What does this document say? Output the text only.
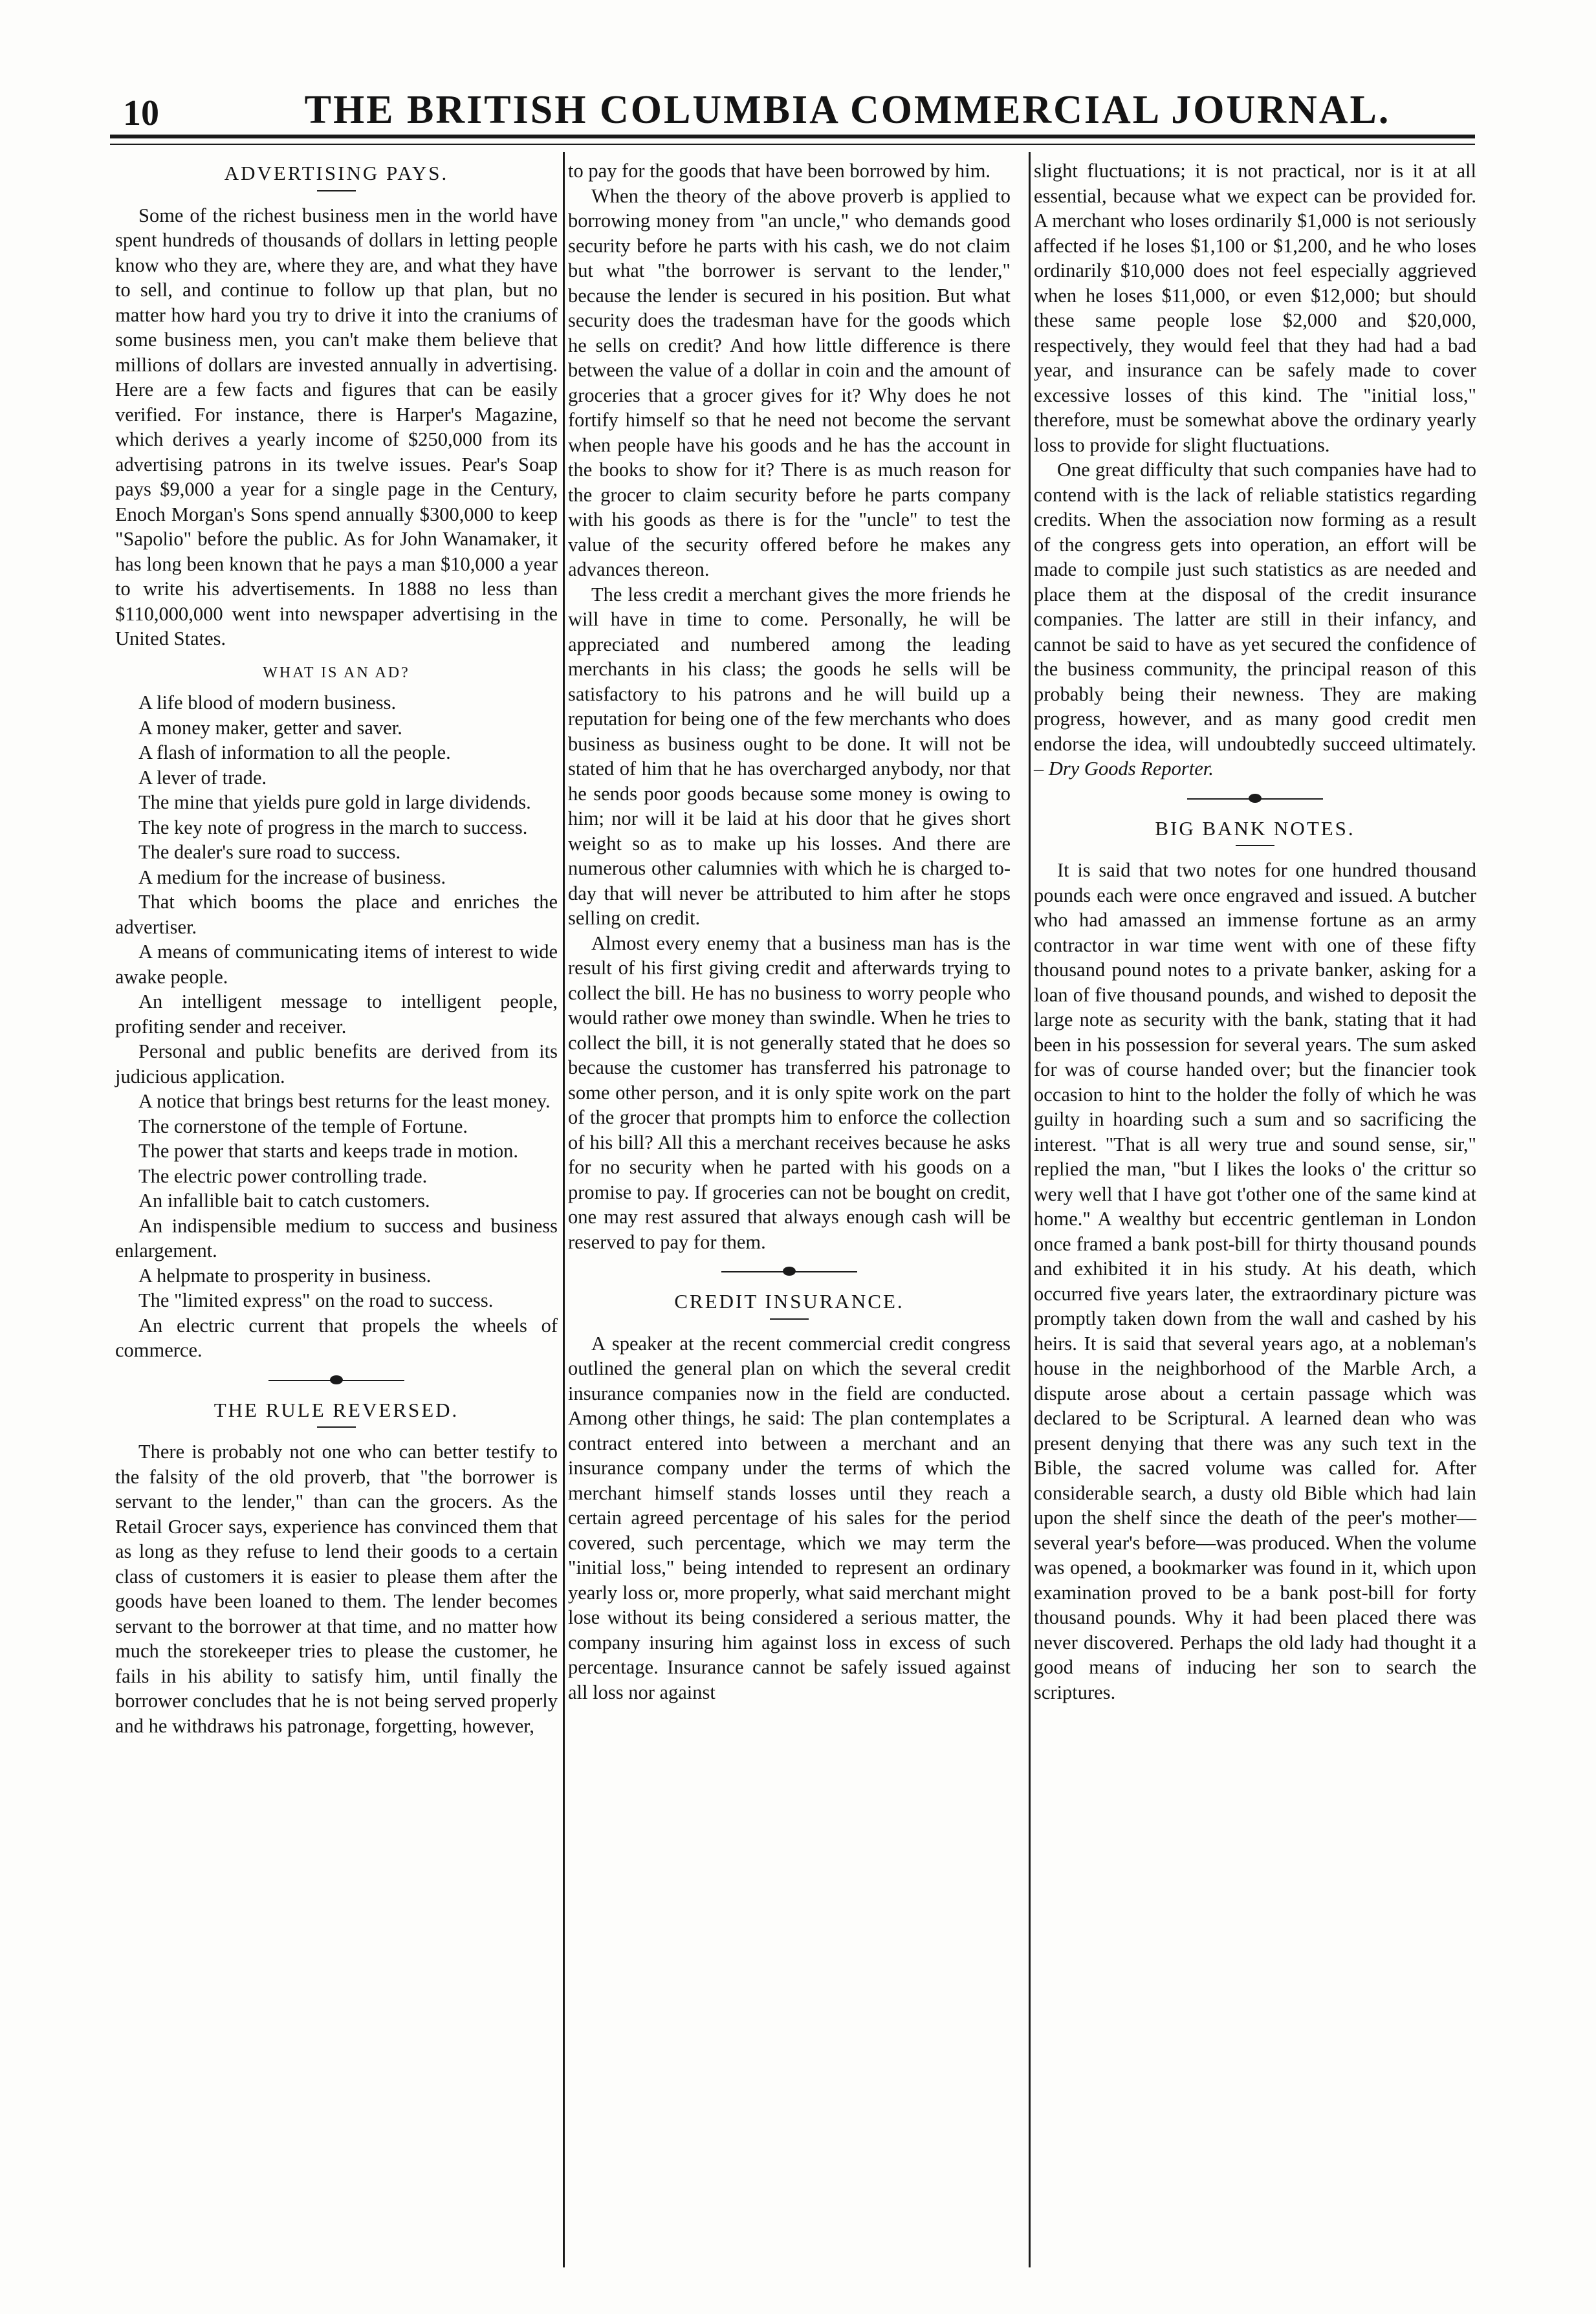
10	THE BRITISH COLUMBIA COMMERCIAL JOURNAL.
ADVERTISING PAYS.

Some of the richest business men in the world have spent hundreds of thousands of dollars in letting people know who they are, where they are, and what they have to sell, and continue to follow up that plan, but no matter how hard you try to drive it into the craniums of some business men, you can't make them believe that millions of dollars are invested annually in advertising. Here are a few facts and figures that can be easily verified. For instance, there is Harper's Magazine, which derives a yearly income of $250,000 from its advertising patrons in its twelve issues. Pear's Soap pays $9,000 a year for a single page in the Century, Enoch Morgan's Sons spend annually $300,000 to keep "Sapolio" before the public. As for John Wanamaker, it has long been known that he pays a man $10,000 a year to write his advertisements. In 1888 no less than $110,000,000 went into newspaper advertising in the United States.

WHAT IS AN AD?

A life blood of modern business.

A money maker, getter and saver.

A flash of information to all the people.

A lever of trade.

The mine that yields pure gold in large dividends.

The key note of progress in the march to success.

The dealer's sure road to success.

A medium for the increase of business.

That which booms the place and enriches the advertiser.

A means of communicating items of interest to wide awake people.

An intelligent message to intelligent people, profiting sender and receiver.

Personal and public benefits are derived from its judicious application.

A notice that brings best returns for the least money.

The cornerstone of the temple of Fortune.

The power that starts and keeps trade in motion.

The electric power controlling trade.

An infallible bait to catch customers.

An indispensible medium to success and business enlargement.

A helpmate to prosperity in business.

The "limited express" on the road to success.

An electric current that propels the wheels of commerce.

THE RULE REVERSED.

There is probably not one who can better testify to the falsity of the old proverb, that "the borrower is servant to the lender," than can the grocers. As the Retail Grocer says, experience has convinced them that as long as they refuse to lend their goods to a certain class of customers it is easier to please them after the goods have been loaned to them. The lender becomes servant to the borrower at that time, and no matter how much the storekeeper tries to please the customer, he fails in his ability to satisfy him, until finally the borrower concludes that he is not being served properly and he withdraws his patronage, forgetting, however,

to pay for the goods that have been borrowed by him.

When the theory of the above proverb is applied to borrowing money from "an uncle," who demands good security before he parts with his cash, we do not claim but what "the borrower is servant to the lender," because the lender is secured in his position. But what security does the tradesman have for the goods which he sells on credit? And how little difference is there between the value of a dollar in coin and the amount of groceries that a grocer gives for it? Why does he not fortify himself so that he need not become the servant when people have his goods and he has the account in the books to show for it? There is as much reason for the grocer to claim security before he parts company with his goods as there is for the "uncle" to test the value of the security offered before he makes any advances thereon.

The less credit a merchant gives the more friends he will have in time to come. Personally, he will be appreciated and numbered among the leading merchants in his class; the goods he sells will be satisfactory to his patrons and he will build up a reputation for being one of the few merchants who does business as business ought to be done. It will not be stated of him that he has overcharged anybody, nor that he sends poor goods because some money is owing to him; nor will it be laid at his door that he gives short weight so as to make up his losses. And there are numerous other calumnies with which he is charged to-day that will never be attributed to him after he stops selling on credit.

Almost every enemy that a business man has is the result of his first giving credit and afterwards trying to collect the bill. He has no business to worry people who would rather owe money than swindle. When he tries to collect the bill, it is not generally stated that he does so because the customer has transferred his patronage to some other person, and it is only spite work on the part of the grocer that prompts him to enforce the collection of his bill? All this a merchant receives because he asks for no security when he parted with his goods on a promise to pay. If groceries can not be bought on credit, one may rest assured that always enough cash will be reserved to pay for them.

CREDIT INSURANCE.

A speaker at the recent commercial credit congress outlined the general plan on which the several credit insurance companies now in the field are conducted. Among other things, he said: The plan contemplates a contract entered into between a merchant and an insurance company under the terms of which the merchant himself stands losses until they reach a certain agreed percentage of his sales for the period covered, such percentage, which we may term the "initial loss," being intended to represent an ordinary yearly loss or, more properly, what said merchant might lose without its being considered a serious matter, the company insuring him against loss in excess of such percentage. Insurance cannot be safely issued against all loss nor against

slight fluctuations; it is not practical, nor is it at all essential, because what we expect can be provided for. A merchant who loses ordinarily $1,000 is not seriously affected if he loses $1,100 or $1,200, and he who loses ordinarily $10,000 does not feel especially aggrieved when he loses $11,000, or even $12,000; but should these same people lose $2,000 and $20,000, respectively, they would feel that they had had a bad year, and insurance can be safely made to cover excessive losses of this kind. The "initial loss," therefore, must be somewhat above the ordinary yearly loss to provide for slight fluctuations.

One great difficulty that such companies have had to contend with is the lack of reliable statistics regarding credits. When the association now forming as a result of the congress gets into operation, an effort will be made to compile just such statistics as are needed and place them at the disposal of the credit insurance companies. The latter are still in their infancy, and cannot be said to have as yet secured the confidence of the business community, the principal reason of this probably being their newness. They are making progress, however, and as many good credit men endorse the idea, will undoubtedly succeed ultimately. – Dry Goods Reporter.

BIG BANK NOTES.

It is said that two notes for one hundred thousand pounds each were once engraved and issued. A butcher who had amassed an immense fortune as an army contractor in war time went with one of these fifty thousand pound notes to a private banker, asking for a loan of five thousand pounds, and wished to deposit the large note as security with the bank, stating that it had been in his possession for several years. The sum asked for was of course handed over; but the financier took occasion to hint to the holder the folly of which he was guilty in hoarding such a sum and so sacrificing the interest. "That is all wery true and sound sense, sir," replied the man, "but I likes the looks o' the crittur so wery well that I have got t'other one of the same kind at home." A wealthy but eccentric gentleman in London once framed a bank post-bill for thirty thousand pounds and exhibited it in his study. At his death, which occurred five years later, the extraordinary picture was promptly taken down from the wall and cashed by his heirs. It is said that several years ago, at a nobleman's house in the neighborhood of the Marble Arch, a dispute arose about a certain passage which was declared to be Scriptural. A learned dean who was present denying that there was any such text in the Bible, the sacred volume was called for. After considerable search, a dusty old Bible which had lain upon the shelf since the death of the peer's mother—several year's before—was produced. When the volume was opened, a bookmarker was found in it, which upon examination proved to be a bank post-bill for forty thousand pounds. Why it had been placed there was never discovered. Perhaps the old lady had thought it a good means of inducing her son to search the scriptures.
